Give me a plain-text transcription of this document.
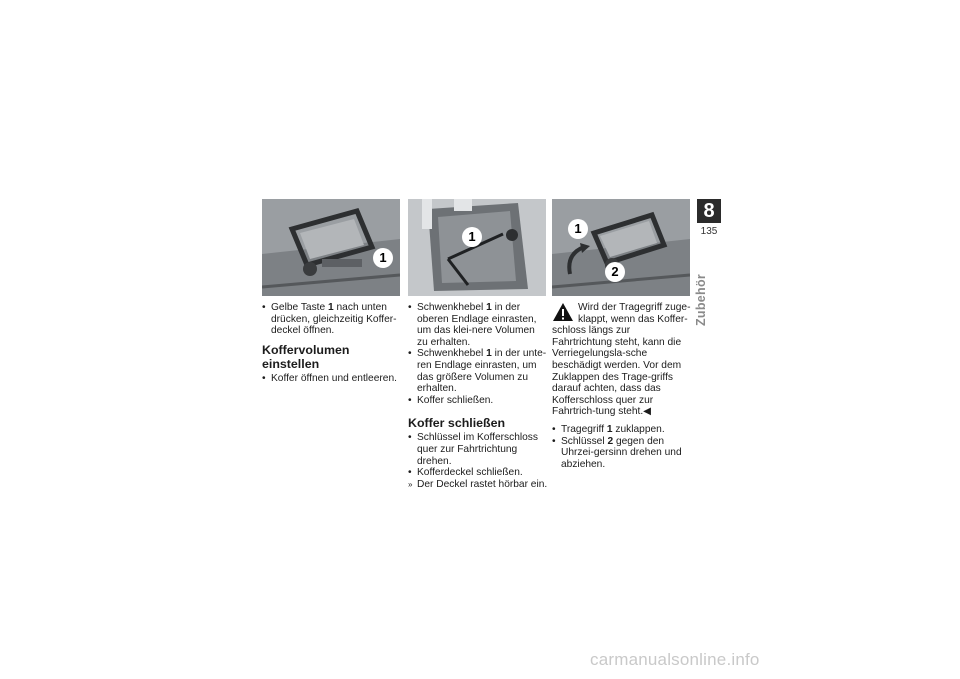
1
1
1
2

• Gelbe Taste 1 nach unten drücken, gleichzeitig Koffer-deckel öffnen.

Koffervolumen einstellen

• Koffer öffnen und entleeren.

• Schwenkhebel 1 in der oberen Endlage einrasten, um das klei-nere Volumen zu erhalten.

• Schwenkhebel 1 in der unte-ren Endlage einrasten, um das größere Volumen zu erhalten.

• Koffer schließen.

Koffer schließen

• Schlüssel im Kofferschloss quer zur Fahrtrichtung drehen.

• Kofferdeckel schließen.

» Der Deckel rastet hörbar ein.

Wird der Tragegriff zuge-klappt, wenn das Koffer-schloss längs zur Fahrtrichtung steht, kann die Verriegelungsla-sche beschädigt werden. Vor dem Zuklappen des Trage-griffs darauf achten, dass das Kofferschloss quer zur Fahrtrich-tung steht.◀

• Tragegriff 1 zuklappen.

• Schlüssel 2 gegen den Uhrzei-gersinn drehen und abziehen.

8
135
Zubehör
carmanualsonline.info
